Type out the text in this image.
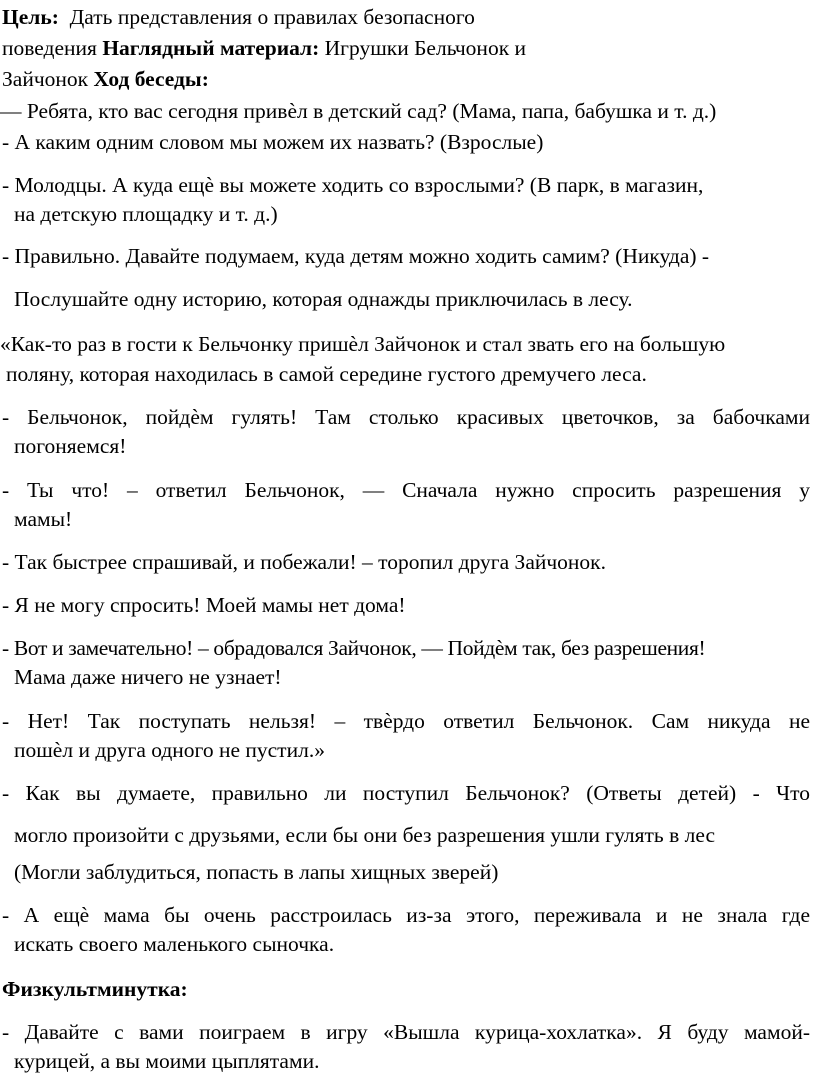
Цель: Дать представления о правилах безопасного
поведения Наглядный материал: Игрушки Бельчонок и
Зайчонок Ход беседы:
— Ребята, кто вас сегодня привѐл в детский сад? (Мама, папа, бабушка и т. д.)
- А каким одним словом мы можем их назвать? (Взрослые)
- Молодцы. А куда ещѐ вы можете ходить со взрослыми? (В парк, в магазин,
на детскую площадку и т. д.)
- Правильно. Давайте подумаем, куда детям можно ходить самим? (Никуда) -
Послушайте одну историю, которая однажды приключилась в лесу.
«Как-то раз в гости к Бельчонку пришѐл Зайчонок и стал звать его на большую
поляну, которая находилась в самой середине густого дремучего леса.
- Бельчонок, пойдѐм гулять! Там столько красивых цветочков, за бабочками
погоняемся!
- Ты что! – ответил Бельчонок, — Сначала нужно спросить разрешения у
мамы!
- Так быстрее спрашивай, и побежали! – торопил друга Зайчонок.
- Я не могу спросить! Моей мамы нет дома!
- Вот и замечательно! – обрадовался Зайчонок, — Пойдѐм так, без разрешения!
Мама даже ничего не узнает!
- Нет! Так поступать нельзя! – твѐрдо ответил Бельчонок. Сам никуда не
пошѐл и друга одного не пустил.»
- Как вы думаете, правильно ли поступил Бельчонок? (Ответы детей) - Что
могло произойти с друзьями, если бы они без разрешения ушли гулять в лес
(Могли заблудиться, попасть в лапы хищных зверей)
- А ещѐ мама бы очень расстроилась из-за этого, переживала и не знала где
искать своего маленького сыночка.
Физкультминутка:
- Давайте с вами поиграем в игру «Вышла курица-хохлатка». Я буду мамой-
курицей, а вы моими цыплятами.
